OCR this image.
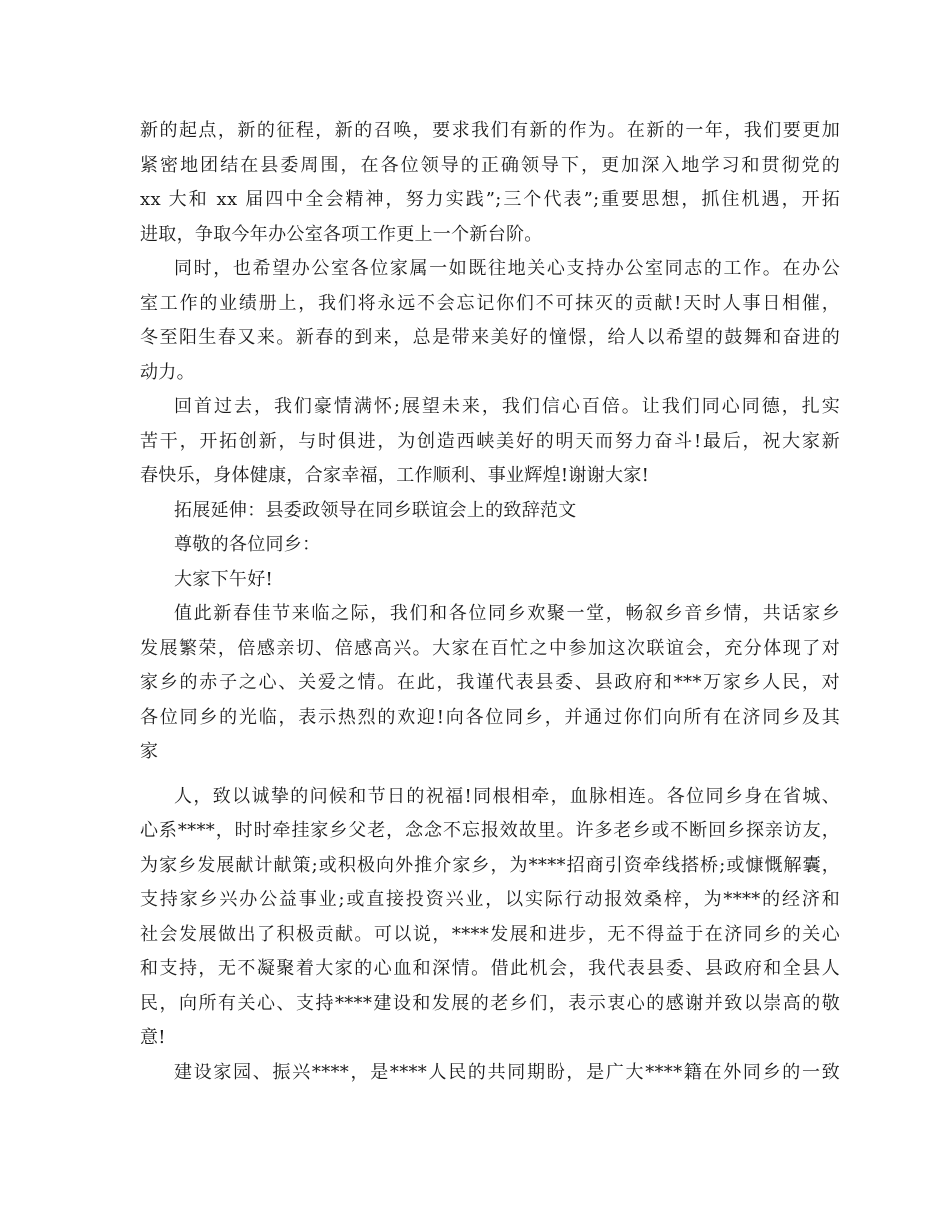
新的起点，新的征程，新的召唤，要求我们有新的作为。在新的一年，我们要更加
紧密地团结在县委周围，在各位领导的正确领导下，更加深入地学习和贯彻党的
xx 大和 xx 届四中全会精神，努力实践”;三个代表”;重要思想，抓住机遇，开拓
进取，争取今年办公室各项工作更上一个新台阶。
同时，也希望办公室各位家属一如既往地关心支持办公室同志的工作。在办公
室工作的业绩册上，我们将永远不会忘记你们不可抹灭的贡献!天时人事日相催，
冬至阳生春又来。新春的到来，总是带来美好的憧憬，给人以希望的鼓舞和奋进的
动力。
回首过去，我们豪情满怀;展望未来，我们信心百倍。让我们同心同德，扎实
苦干，开拓创新，与时俱进，为创造西峡美好的明天而努力奋斗!最后，祝大家新
春快乐，身体健康，合家幸福，工作顺利、事业辉煌!谢谢大家!
拓展延伸：县委政领导在同乡联谊会上的致辞范文
尊敬的各位同乡：
大家下午好!
值此新春佳节来临之际，我们和各位同乡欢聚一堂，畅叙乡音乡情，共话家乡
发展繁荣，倍感亲切、倍感高兴。大家在百忙之中参加这次联谊会，充分体现了对
家乡的赤子之心、关爱之情。在此，我谨代表县委、县政府和***万家乡人民，对
各位同乡的光临，表示热烈的欢迎!向各位同乡，并通过你们向所有在济同乡及其
家
人，致以诚挚的问候和节日的祝福!同根相牵，血脉相连。各位同乡身在省城、
心系****，时时牵挂家乡父老，念念不忘报效故里。许多老乡或不断回乡探亲访友，
为家乡发展献计献策;或积极向外推介家乡，为****招商引资牵线搭桥;或慷慨解囊，
支持家乡兴办公益事业;或直接投资兴业，以实际行动报效桑梓，为****的经济和
社会发展做出了积极贡献。可以说，****发展和进步，无不得益于在济同乡的关心
和支持，无不凝聚着大家的心血和深情。借此机会，我代表县委、县政府和全县人
民，向所有关心、支持****建设和发展的老乡们，表示衷心的感谢并致以崇高的敬
意!
建设家园、振兴****，是****人民的共同期盼，是广大****籍在外同乡的一致
